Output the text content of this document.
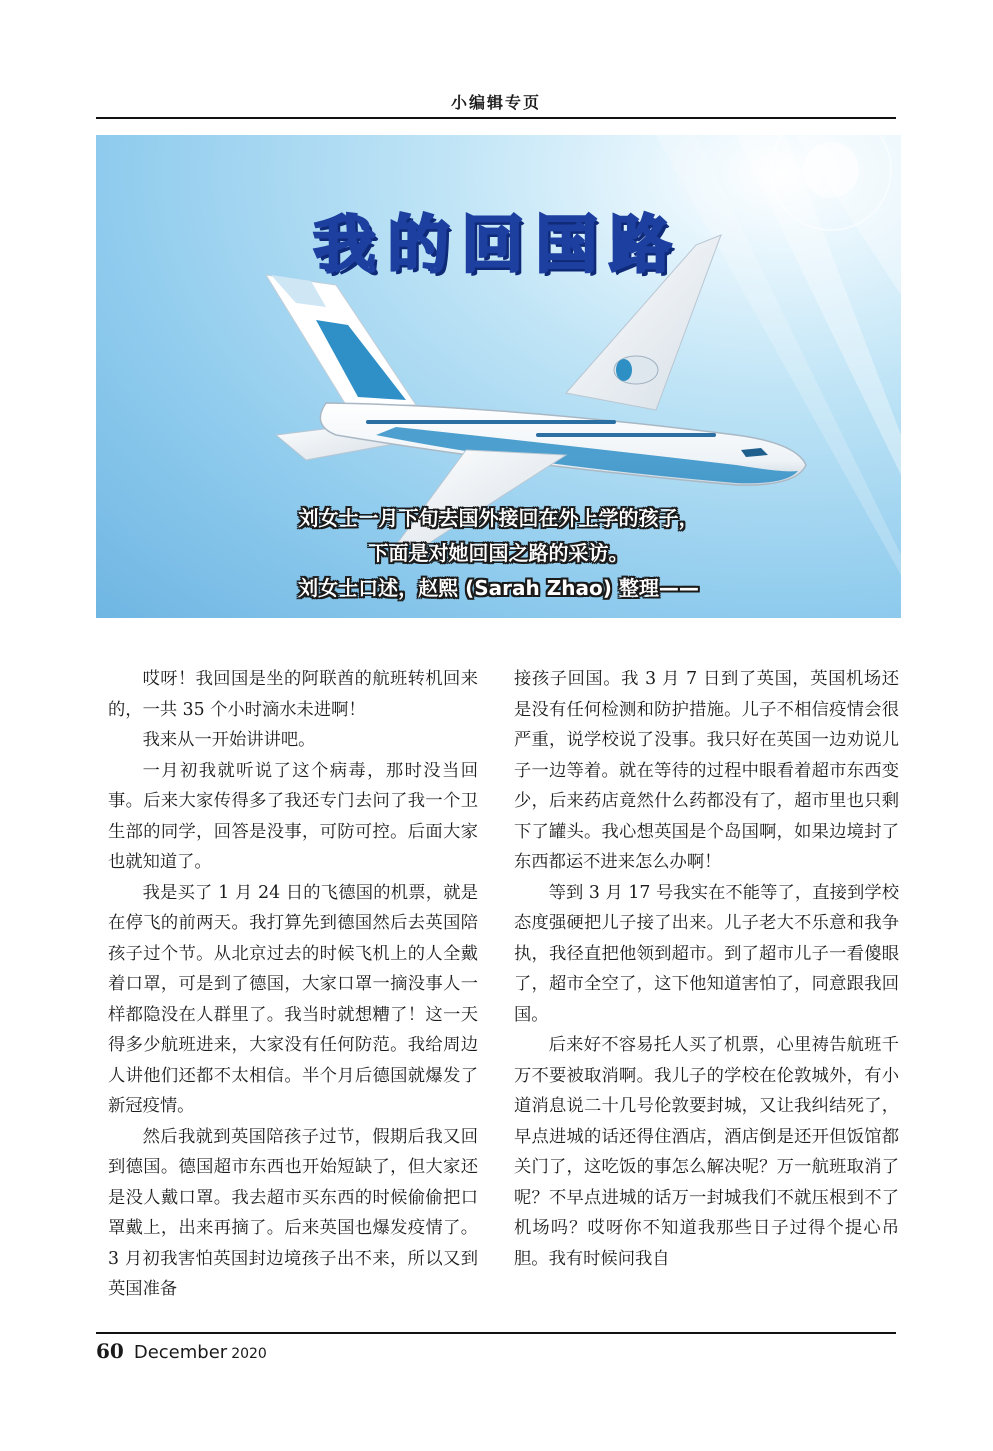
小编辑专页
我的回国路
刘女士一月下旬去国外接回在外上学的孩子，
下面是对她回国之路的采访。
刘女士口述，赵熙 (Sarah Zhao) 整理——

哎呀！我回国是坐的阿联酋的航班转机回来的，一共 35 个小时滴水未进啊！

我来从一开始讲讲吧。

一月初我就听说了这个病毒，那时没当回事。后来大家传得多了我还专门去问了我一个卫生部的同学，回答是没事，可防可控。后面大家也就知道了。

我是买了 1 月 24 日的飞德国的机票，就是在停飞的前两天。我打算先到德国然后去英国陪孩子过个节。从北京过去的时候飞机上的人全戴着口罩，可是到了德国，大家口罩一摘没事人一样都隐没在人群里了。我当时就想糟了！这一天得多少航班进来，大家没有任何防范。我给周边人讲他们还都不太相信。半个月后德国就爆发了新冠疫情。

然后我就到英国陪孩子过节，假期后我又回到德国。德国超市东西也开始短缺了，但大家还是没人戴口罩。我去超市买东西的时候偷偷把口罩戴上，出来再摘了。后来英国也爆发疫情了。3 月初我害怕英国封边境孩子出不来，所以又到英国准备

接孩子回国。我 3 月 7 日到了英国，英国机场还是没有任何检测和防护措施。儿子不相信疫情会很严重，说学校说了没事。我只好在英国一边劝说儿子一边等着。就在等待的过程中眼看着超市东西变少，后来药店竟然什么药都没有了，超市里也只剩下了罐头。我心想英国是个岛国啊，如果边境封了东西都运不进来怎么办啊！

等到 3 月 17 号我实在不能等了，直接到学校态度强硬把儿子接了出来。儿子老大不乐意和我争执，我径直把他领到超市。到了超市儿子一看傻眼了，超市全空了，这下他知道害怕了，同意跟我回国。

后来好不容易托人买了机票，心里祷告航班千万不要被取消啊。我儿子的学校在伦敦城外，有小道消息说二十几号伦敦要封城，又让我纠结死了，早点进城的话还得住酒店，酒店倒是还开但饭馆都关门了，这吃饭的事怎么解决呢？万一航班取消了呢？不早点进城的话万一封城我们不就压根到不了机场吗？哎呀你不知道我那些日子过得个提心吊胆。我有时候问我自

60 December 2020
